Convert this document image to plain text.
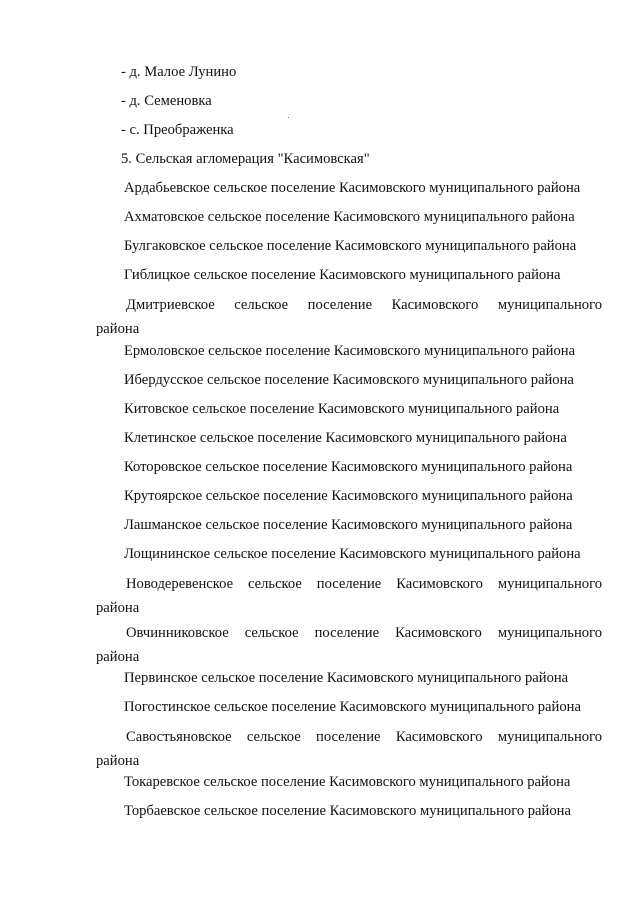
- д. Малое Лунино
- д. Семеновка
- с. Преображенка
5. Сельская агломерация "Касимовская"
Ардабьевское сельское поселение Касимовского муниципального района
Ахматовское сельское поселение Касимовского муниципального района
Булгаковское сельское поселение Касимовского муниципального района
Гиблицкое сельское поселение Касимовского муниципального района
Дмитриевское сельское поселение Касимовского муниципального
района
Ермоловское сельское поселение Касимовского муниципального района
Ибердусское сельское поселение Касимовского муниципального района
Китовское сельское поселение Касимовского муниципального района
Клетинское сельское поселение Касимовского муниципального района
Которовское сельское поселение Касимовского муниципального района
Крутоярское сельское поселение Касимовского муниципального района
Лашманское сельское поселение Касимовского муниципального района
Лощининское сельское поселение Касимовского муниципального района
Новодеревенское сельское поселение Касимовского муниципального
района
Овчинниковское сельское поселение Касимовского муниципального
района
Первинское сельское поселение Касимовского муниципального района
Погостинское сельское поселение Касимовского муниципального района
Савостьяновское сельское поселение Касимовского муниципального
района
Токаревское сельское поселение Касимовского муниципального района
Торбаевское сельское поселение Касимовского муниципального района
